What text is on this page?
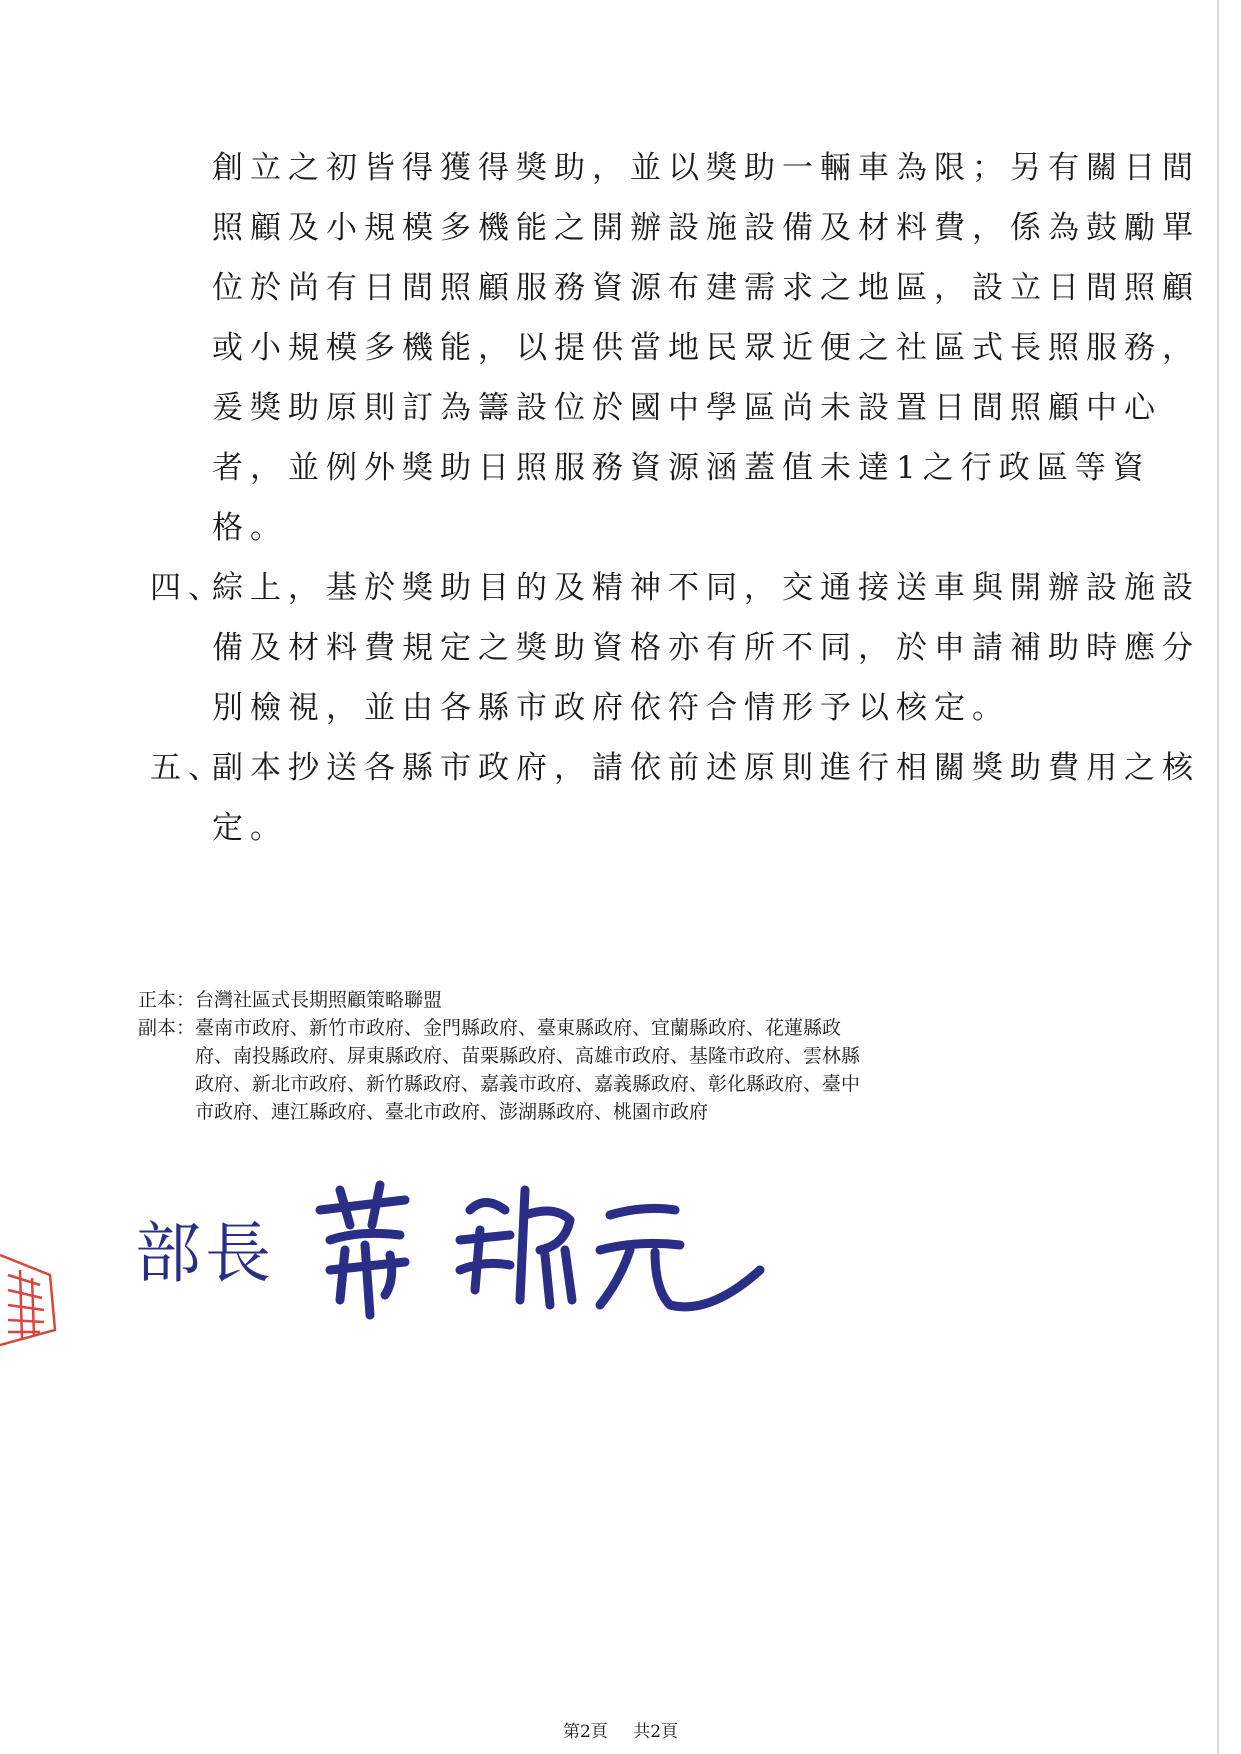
創立之初皆得獲得獎助，並以獎助一輛車為限；另有關日間
照顧及小規模多機能之開辦設施設備及材料費，係為鼓勵單
位於尚有日間照顧服務資源布建需求之地區，設立日間照顧
或小規模多機能，以提供當地民眾近便之社區式長照服務，
爰獎助原則訂為籌設位於國中學區尚未設置日間照顧中心
者，並例外獎助日照服務資源涵蓋值未達1之行政區等資
格。
四、
綜上，基於獎助目的及精神不同，交通接送車與開辦設施設
備及材料費規定之獎助資格亦有所不同，於申請補助時應分
別檢視，並由各縣市政府依符合情形予以核定。
五、
副本抄送各縣市政府，請依前述原則進行相關獎助費用之核
定。
正本： 台灣社區式長期照顧策略聯盟
副本： 臺南市政府、新竹市政府、金門縣政府、臺東縣政府、宜蘭縣政府、花蓮縣政
府、南投縣政府、屏東縣政府、苗栗縣政府、高雄市政府、基隆市政府、雲林縣
政府、新北市政府、新竹縣政府、嘉義市政府、嘉義縣政府、彰化縣政府、臺中
市政府、連江縣政府、臺北市政府、澎湖縣政府、桃園市政府
部長
第2頁 共2頁
